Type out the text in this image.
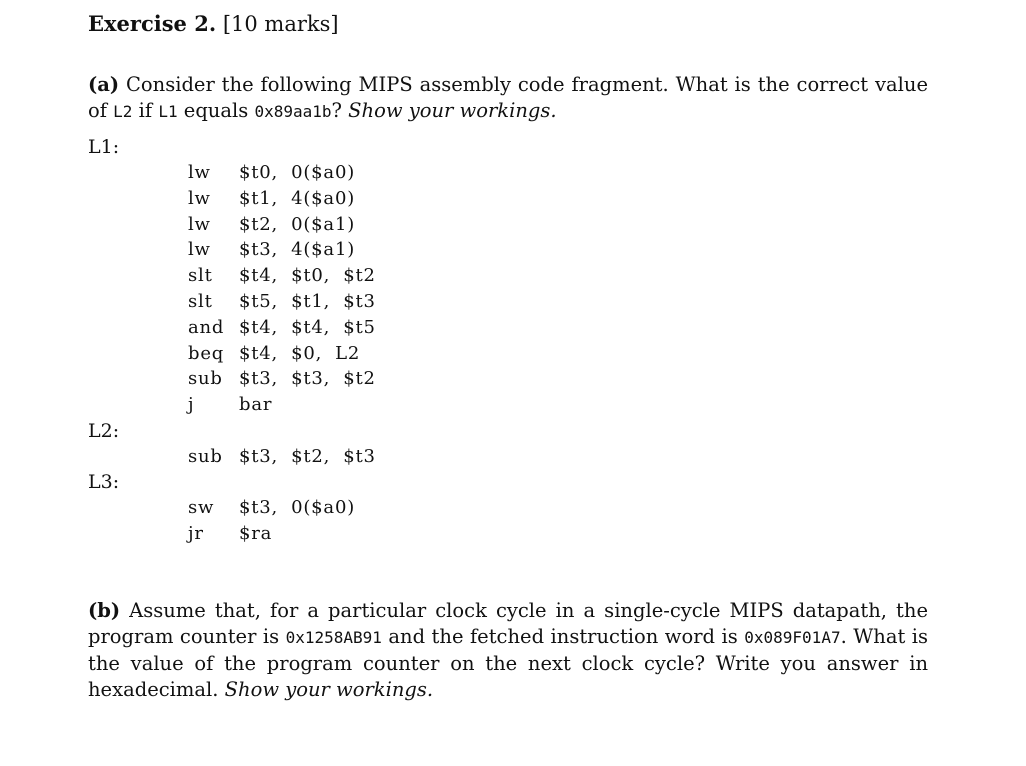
Exercise 2. [10 marks]
(a) Consider the following MIPS assembly code fragment. What is the correct value of L2 if L1 equals 0x89aa1b? Show your workings.
L1:
L2:
L3:
lw $t0,  0($a0)
lw $t1,  4($a0)
lw $t2,  0($a1)
lw $t3,  4($a1)
slt $t4,  $t0,  $t2
slt $t5,  $t1,  $t3
and $t4,  $t4,  $t5
beq $t4,  $0,  L2
sub $t3,  $t3,  $t2
j bar
sub $t3,  $t2,  $t3
sw $t3,  0($a0)
jr $ra
(b) Assume that, for a particular clock cycle in a single-cycle MIPS datapath, the program counter is 0x1258AB91 and the fetched instruction word is 0x089F01A7. What is the value of the program counter on the next clock cycle? Write you answer in hexadecimal. Show your workings.
